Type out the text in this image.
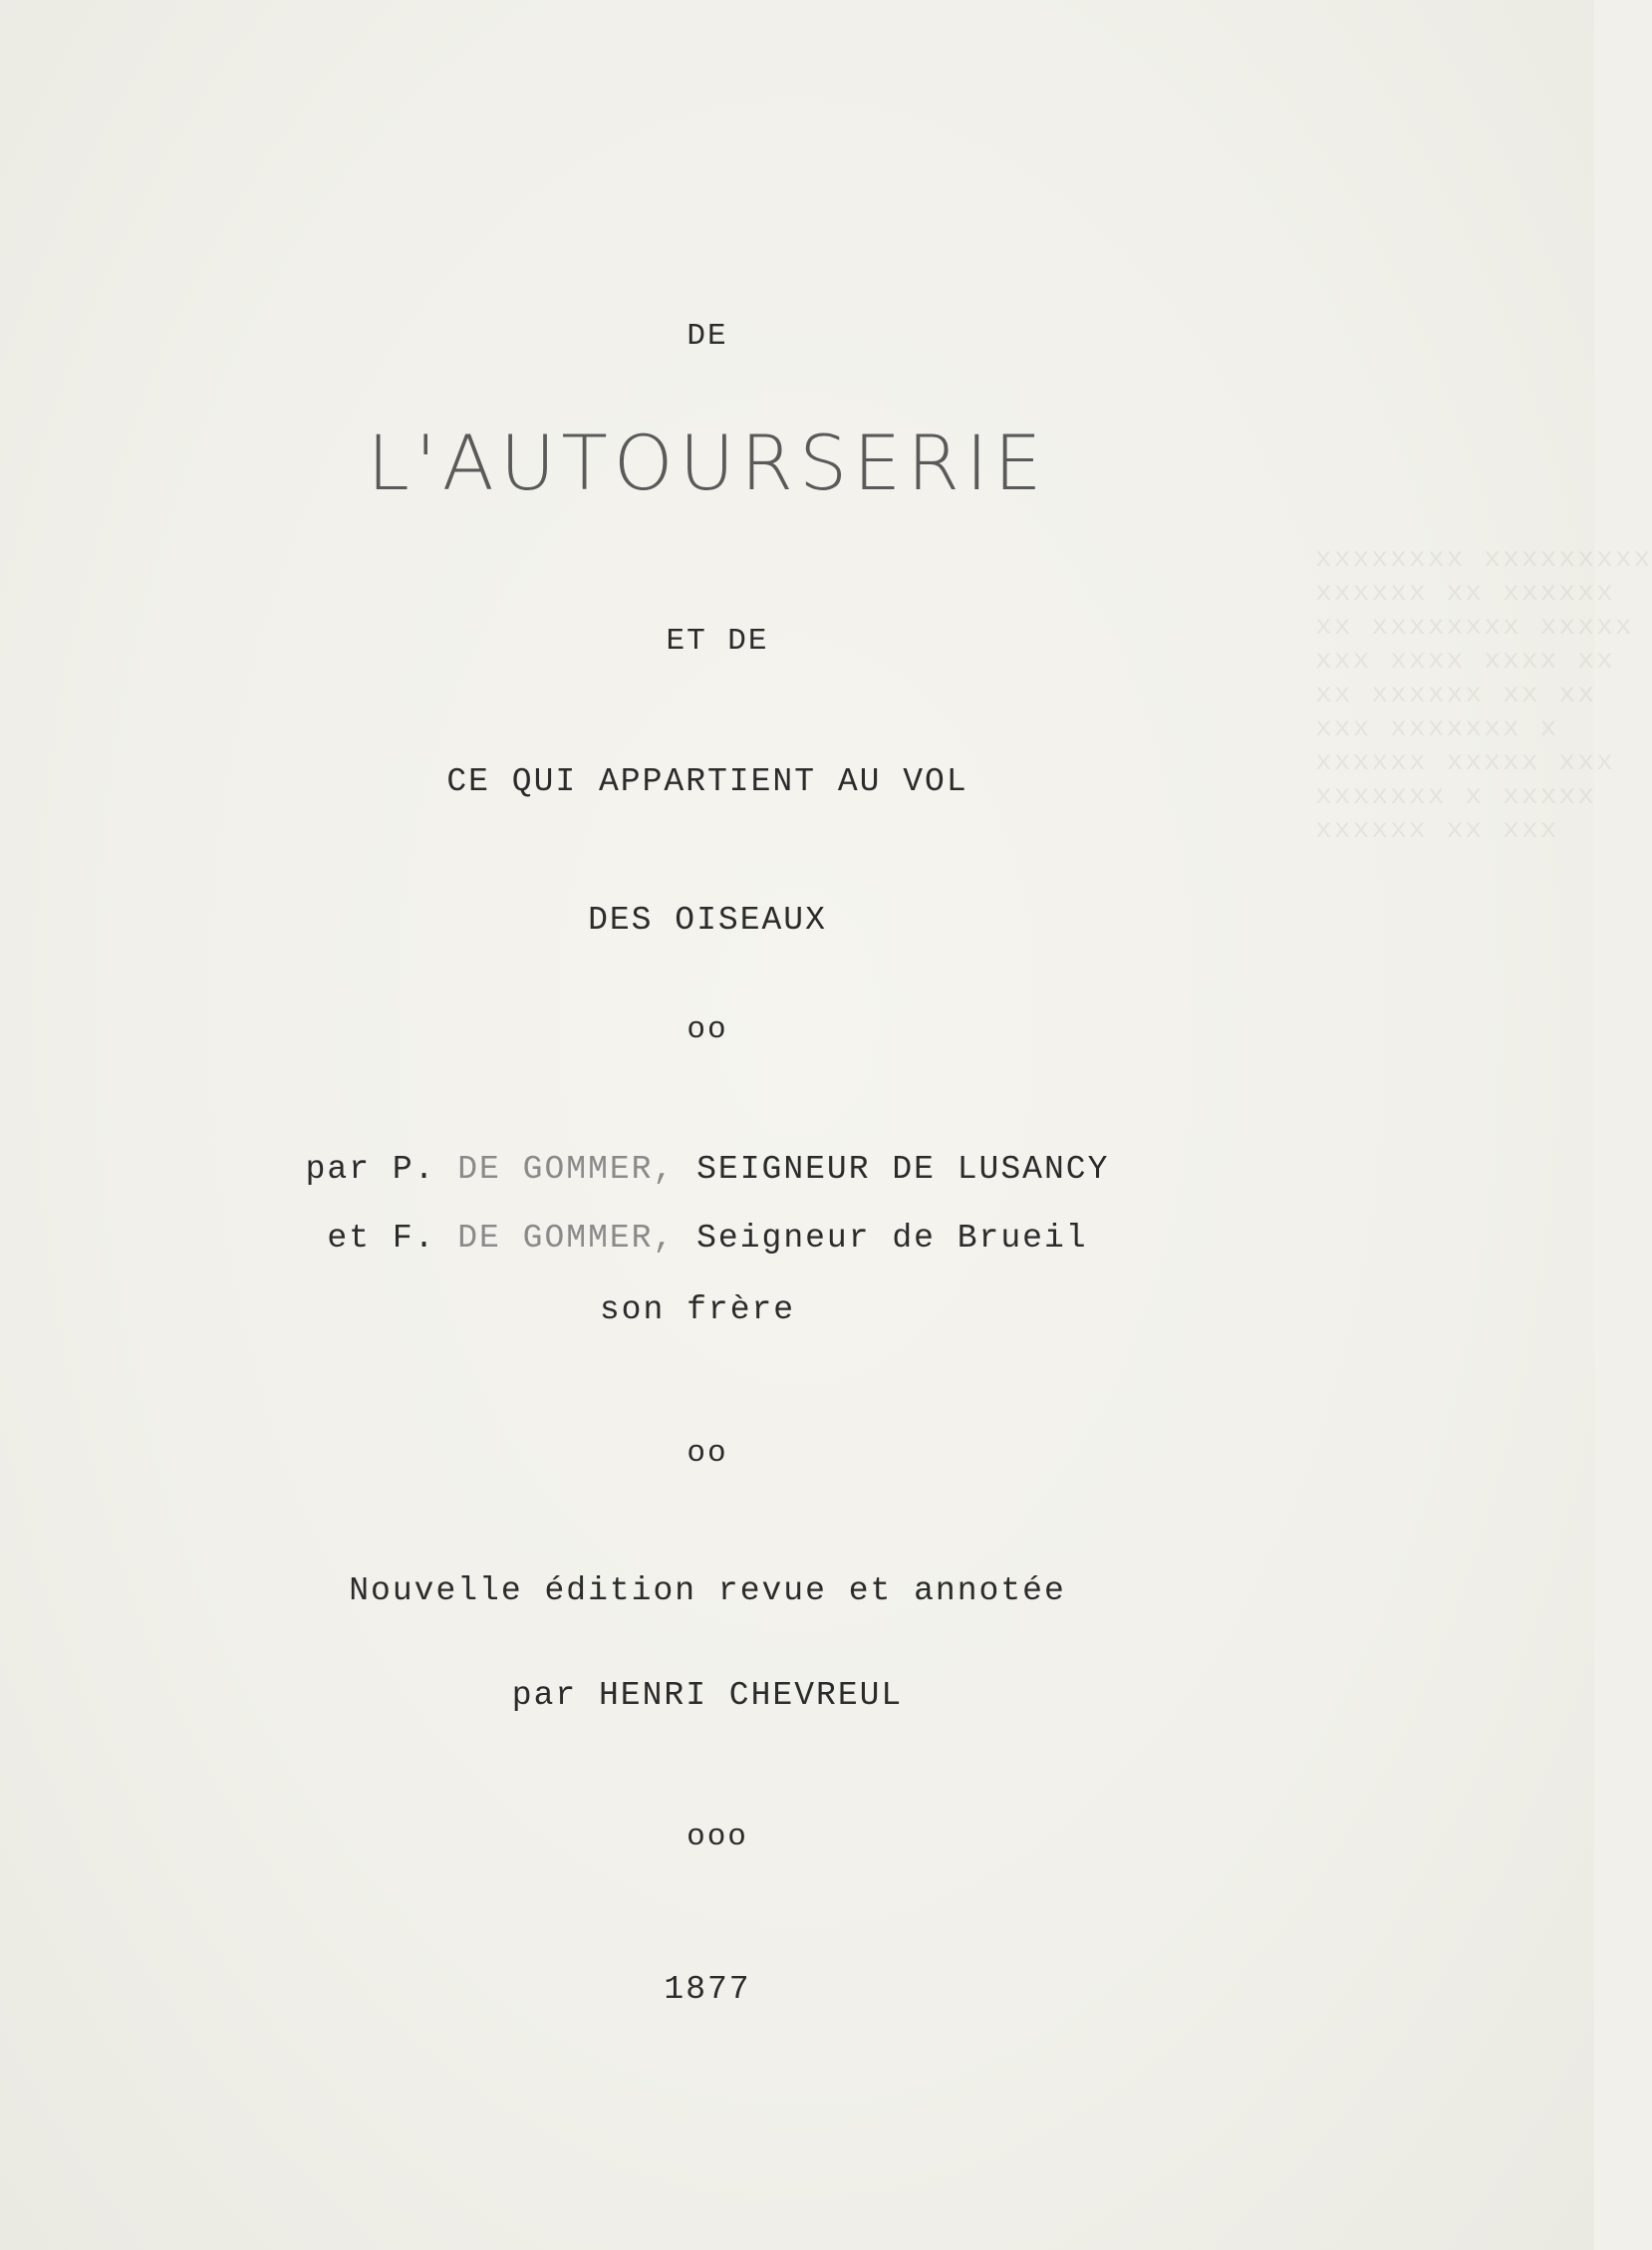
xxxxxxxx xxxxxxxxx
xxxxxx xx xxxxxx
xx xxxxxxxx xxxxx
xxx xxxx xxxx xx
xx xxxxxx xx xx
xxx xxxxxxx x
xxxxxx xxxxx xxx
xxxxxxx x xxxxx
xxxxxx xx xxx
DE
L'AUTOURSERIE
ET DE
CE QUI APPARTIENT AU VOL
DES OISEAUX
oo
par P. DE GOMMER, SEIGNEUR DE LUSANCY
et F. DE GOMMER, Seigneur de Brueil
son frère
oo
Nouvelle édition revue et annotée
par HENRI CHEVREUL
ooo
1877
